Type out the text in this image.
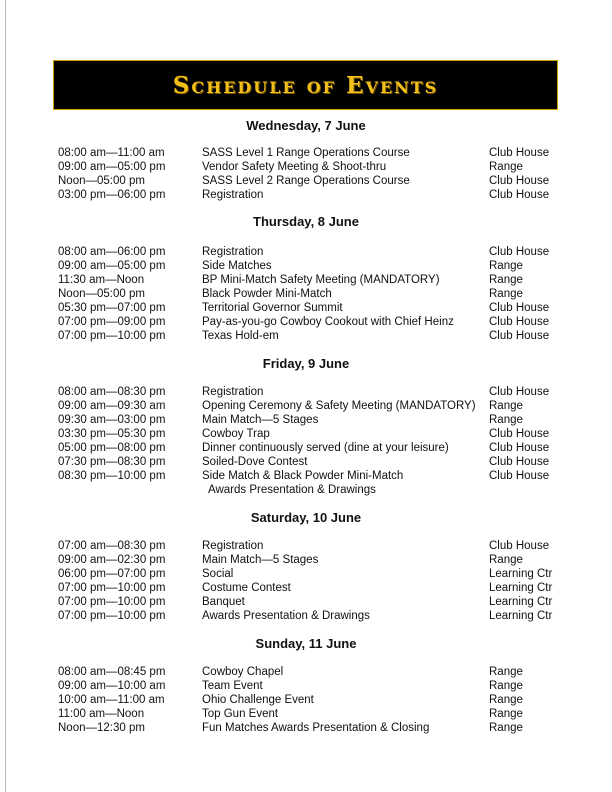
Schedule of Events
Wednesday, 7 June
08:00 am—11:00 am	SASS Level 1 Range Operations Course	Club House
09:00 am—05:00 pm	Vendor Safety Meeting & Shoot-thru	Range
Noon—05:00 pm	SASS Level 2 Range Operations Course	Club House
03:00 pm—06:00 pm	Registration	Club House
Thursday, 8 June
08:00 am—06:00 pm	Registration	Club House
09:00 am—05:00 pm	Side Matches	Range
11:30 am—Noon	BP Mini-Match Safety Meeting (MANDATORY)	Range
Noon—05:00 pm	Black Powder Mini-Match	Range
05:30 pm—07:00 pm	Territorial Governor Summit	Club House
07:00 pm—09:00 pm	Pay-as-you-go Cowboy Cookout with Chief Heinz	Club House
07:00 pm—10:00 pm	Texas Hold-em	Club House
Friday, 9 June
08:00 am—08:30 pm	Registration	Club House
09:00 am—09:30 am	Opening Ceremony & Safety Meeting (MANDATORY) Range
09:30 am—03:00 pm	Main Match—5 Stages	Range
03:30 pm—05:30 pm	Cowboy Trap	Club House
05:00 pm—08:00 pm	Dinner continuously served (dine at your leisure)	Club House
07:30 pm—08:30 pm	Soiled-Dove Contest	Club House
08:30 pm—10:00 pm	Side Match & Black Powder Mini-Match	Club House
Awards Presentation & Drawings
Saturday, 10 June
07:00 am—08:30 pm	Registration	Club House
09:00 am—02:30 pm	Main Match—5 Stages	Range
06:00 pm—07:00 pm	Social	Learning Ctr
07:00 pm—10:00 pm	Costume Contest	Learning Ctr
07:00 pm—10:00 pm	Banquet	Learning Ctr
07:00 pm—10:00 pm	Awards Presentation & Drawings	Learning Ctr
Sunday, 11 June
08:00 am—08:45 pm	Cowboy Chapel	Range
09:00 am—10:00 am	Team Event	Range
10:00 am—11:00 am	Ohio Challenge Event	Range
11:00 am—Noon	Top Gun Event	Range
Noon—12:30 pm	Fun Matches Awards Presentation & Closing	Range
